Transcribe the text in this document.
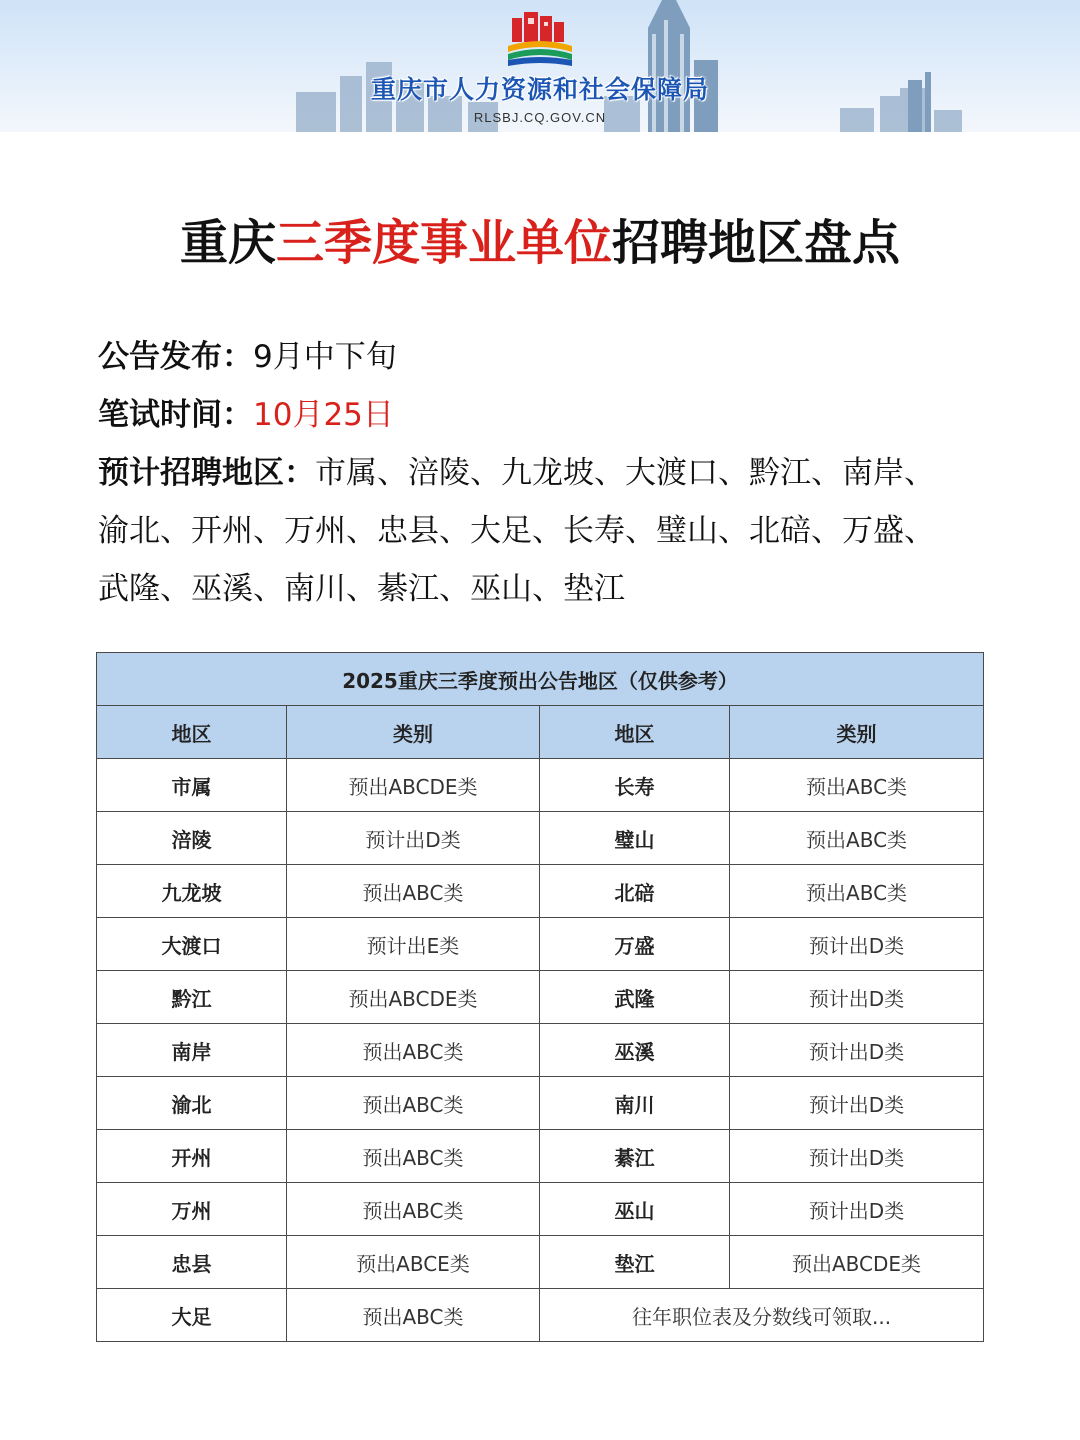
重庆市人力资源和社会保障局
RLSBJ.CQ.GOV.CN
重庆三季度事业单位招聘地区盘点
公告发布：9月中下旬
笔试时间：10月25日
预计招聘地区：市属、涪陵、九龙坡、大渡口、黔江、南岸、
渝北、开州、万州、忠县、大足、长寿、璧山、北碚、万盛、
武隆、巫溪、南川、綦江、巫山、垫江
2025重庆三季度预出公告地区（仅供参考）			
地区	类别	地区	类别
市属	预出ABCDE类	长寿	预出ABC类
涪陵	预计出D类	璧山	预出ABC类
九龙坡	预出ABC类	北碚	预出ABC类
大渡口	预计出E类	万盛	预计出D类
黔江	预出ABCDE类	武隆	预计出D类
南岸	预出ABC类	巫溪	预计出D类
渝北	预出ABC类	南川	预计出D类
开州	预出ABC类	綦江	预计出D类
万州	预出ABC类	巫山	预计出D类
忠县	预出ABCE类	垫江	预出ABCDE类
大足	预出ABC类	往年职位表及分数线可领取...	
